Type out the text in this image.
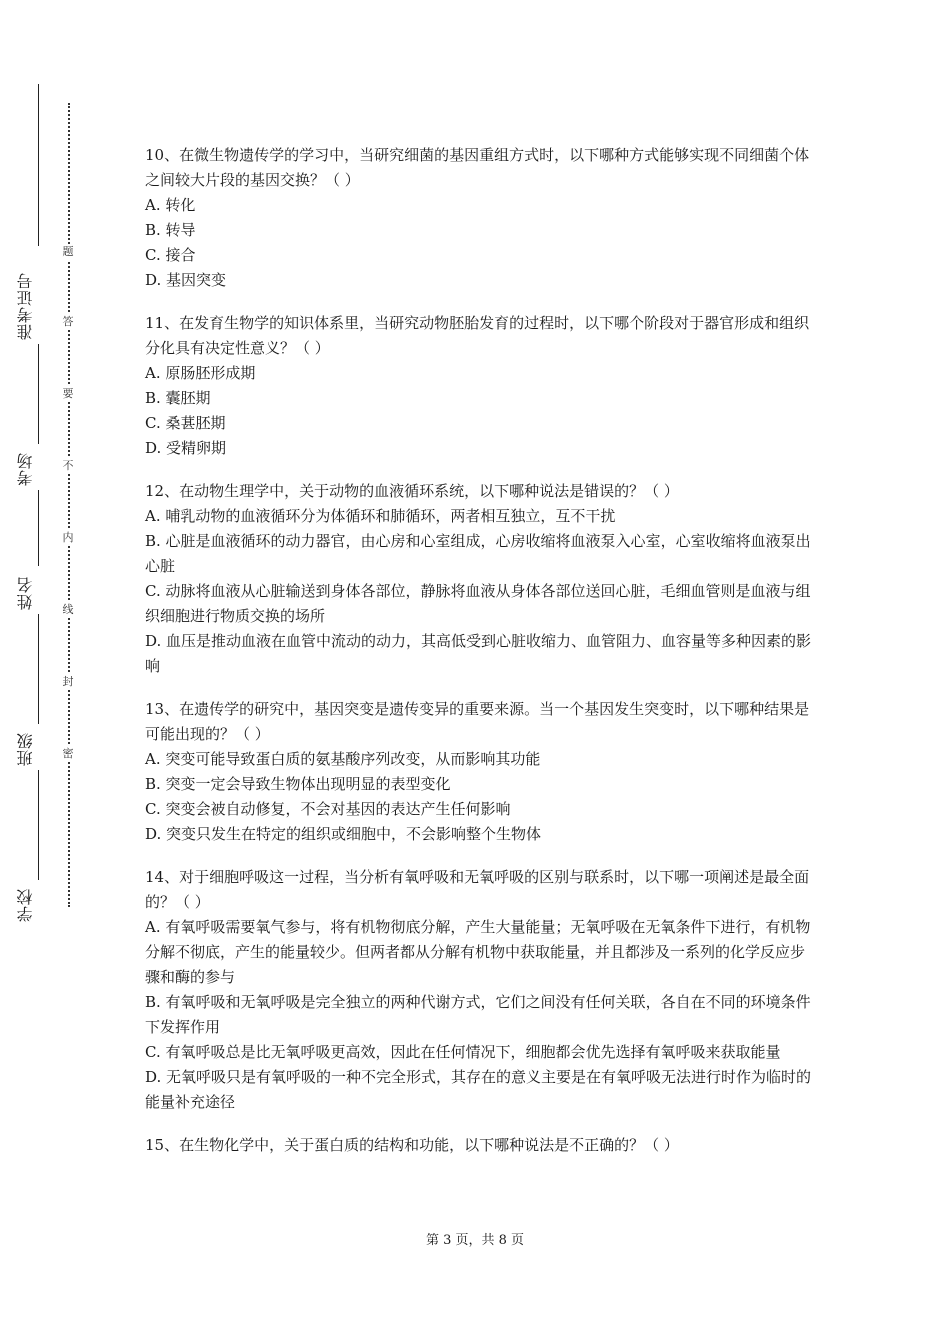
准考证号
考场
姓名
班级
学校
题
答
要
不
内
线
封
密

10、在微生物遗传学的学习中，当研究细菌的基因重组方式时，以下哪种方式能够实现不同细菌个体之间较大片段的基因交换？（ ）

A. 转化

B. 转导

C. 接合

D. 基因突变

11、在发育生物学的知识体系里，当研究动物胚胎发育的过程时，以下哪个阶段对于器官形成和组织分化具有决定性意义？（ ）

A. 原肠胚形成期

B. 囊胚期

C. 桑葚胚期

D. 受精卵期

12、在动物生理学中，关于动物的血液循环系统，以下哪种说法是错误的？（ ）

A. 哺乳动物的血液循环分为体循环和肺循环，两者相互独立，互不干扰

B. 心脏是血液循环的动力器官，由心房和心室组成，心房收缩将血液泵入心室，心室收缩将血液泵出心脏

C. 动脉将血液从心脏输送到身体各部位，静脉将血液从身体各部位送回心脏，毛细血管则是血液与组织细胞进行物质交换的场所

D. 血压是推动血液在血管中流动的动力，其高低受到心脏收缩力、血管阻力、血容量等多种因素的影响

13、在遗传学的研究中，基因突变是遗传变异的重要来源。当一个基因发生突变时，以下哪种结果是可能出现的？（ ）

A. 突变可能导致蛋白质的氨基酸序列改变，从而影响其功能

B. 突变一定会导致生物体出现明显的表型变化

C. 突变会被自动修复，不会对基因的表达产生任何影响

D. 突变只发生在特定的组织或细胞中，不会影响整个生物体

14、对于细胞呼吸这一过程，当分析有氧呼吸和无氧呼吸的区别与联系时，以下哪一项阐述是最全面的？（ ）

A. 有氧呼吸需要氧气参与，将有机物彻底分解，产生大量能量；无氧呼吸在无氧条件下进行，有机物分解不彻底，产生的能量较少。但两者都从分解有机物中获取能量，并且都涉及一系列的化学反应步骤和酶的参与

B. 有氧呼吸和无氧呼吸是完全独立的两种代谢方式，它们之间没有任何关联，各自在不同的环境条件下发挥作用

C. 有氧呼吸总是比无氧呼吸更高效，因此在任何情况下，细胞都会优先选择有氧呼吸来获取能量

D. 无氧呼吸只是有氧呼吸的一种不完全形式，其存在的意义主要是在有氧呼吸无法进行时作为临时的能量补充途径

15、在生物化学中，关于蛋白质的结构和功能，以下哪种说法是不正确的？（ ）

第 3 页，共 8 页
